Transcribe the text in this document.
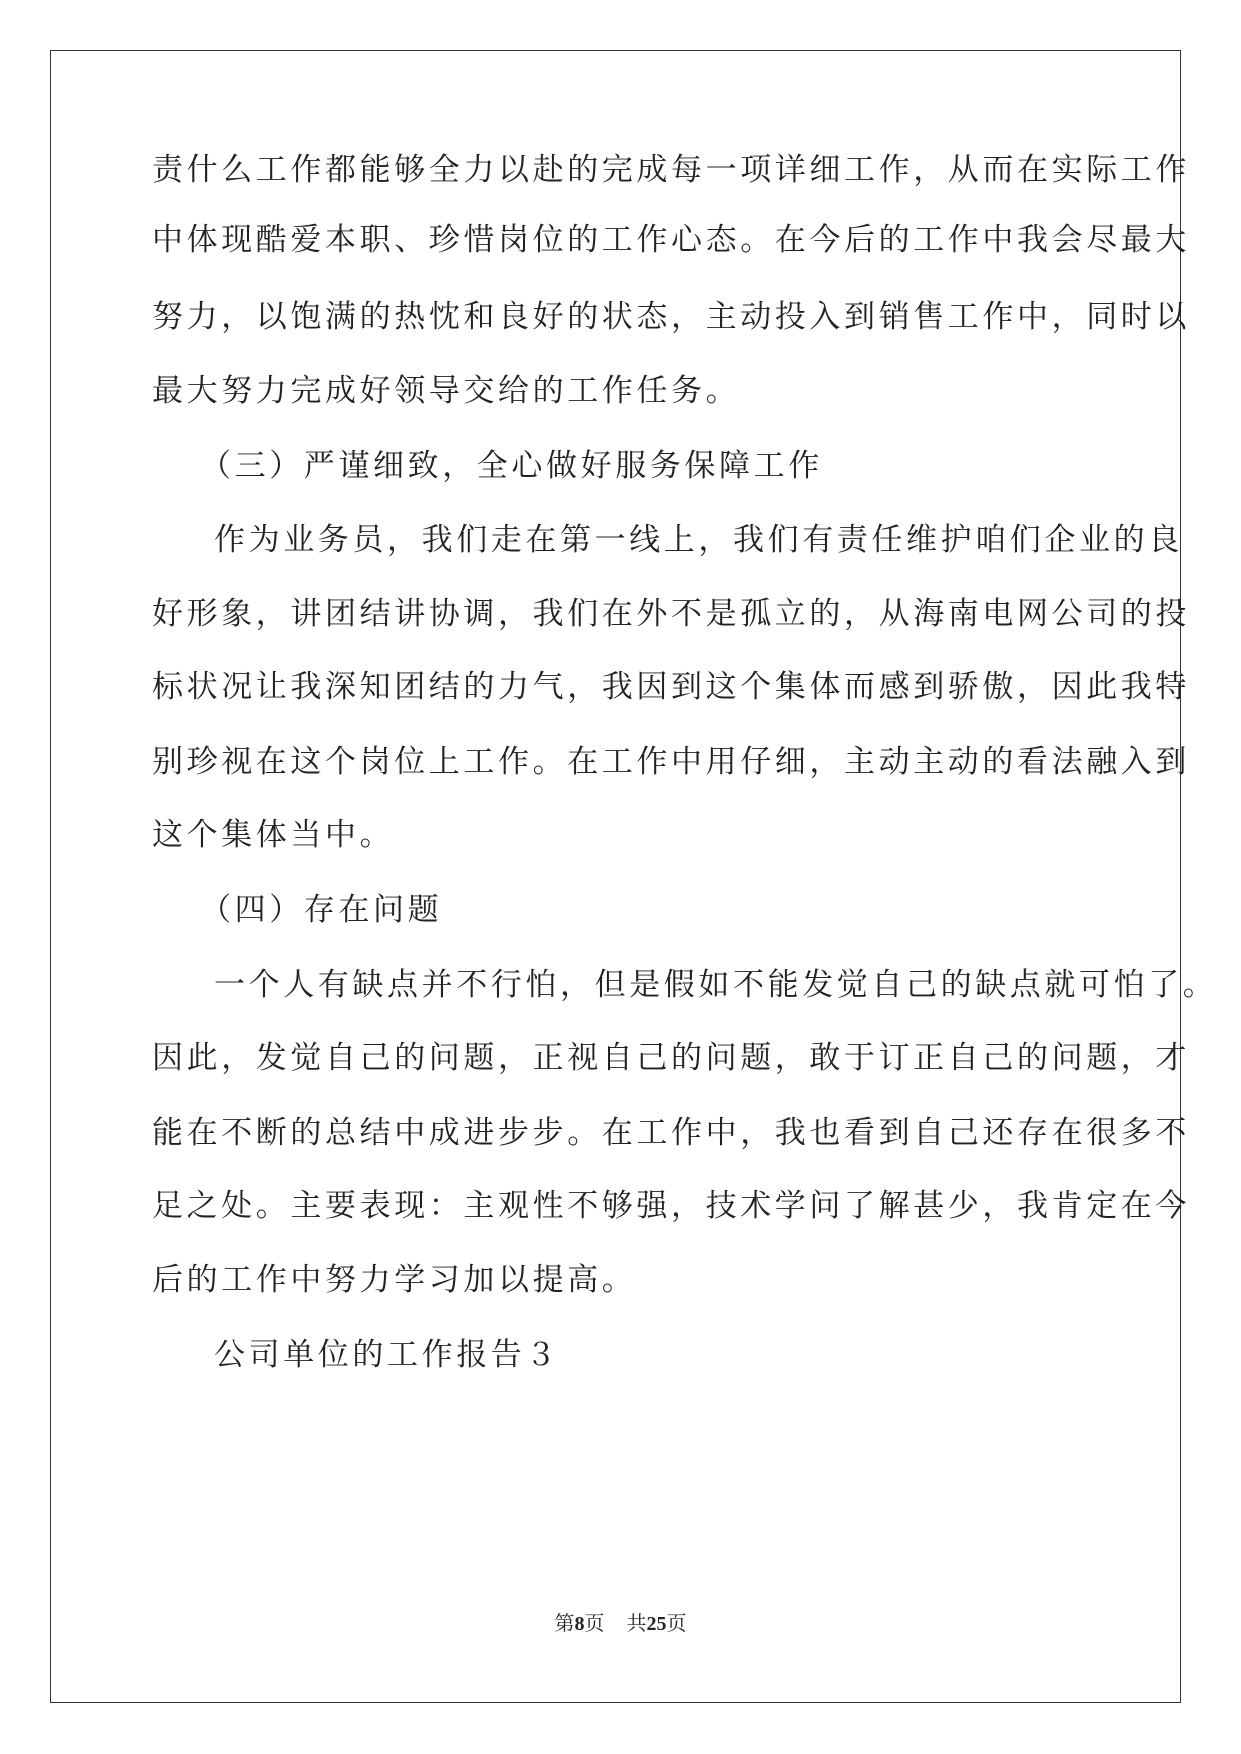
责什么工作都能够全力以赴的完成每一项详细工作，从而在实际工作
中体现酷爱本职、珍惜岗位的工作心态。在今后的工作中我会尽最大
努力，以饱满的热忱和良好的状态，主动投入到销售工作中，同时以
最大努力完成好领导交给的工作任务。
（三）严谨细致，全心做好服务保障工作
作为业务员，我们走在第一线上，我们有责任维护咱们企业的良
好形象，讲团结讲协调，我们在外不是孤立的，从海南电网公司的投
标状况让我深知团结的力气，我因到这个集体而感到骄傲，因此我特
别珍视在这个岗位上工作。在工作中用仔细，主动主动的看法融入到
这个集体当中。
（四）存在问题
一个人有缺点并不行怕，但是假如不能发觉自己的缺点就可怕了。
因此，发觉自己的问题，正视自己的问题，敢于订正自己的问题，才
能在不断的总结中成进步步。在工作中，我也看到自己还存在很多不
足之处。主要表现：主观性不够强，技术学问了解甚少，我肯定在今
后的工作中努力学习加以提高。
公司单位的工作报告３
第8页 共25页
